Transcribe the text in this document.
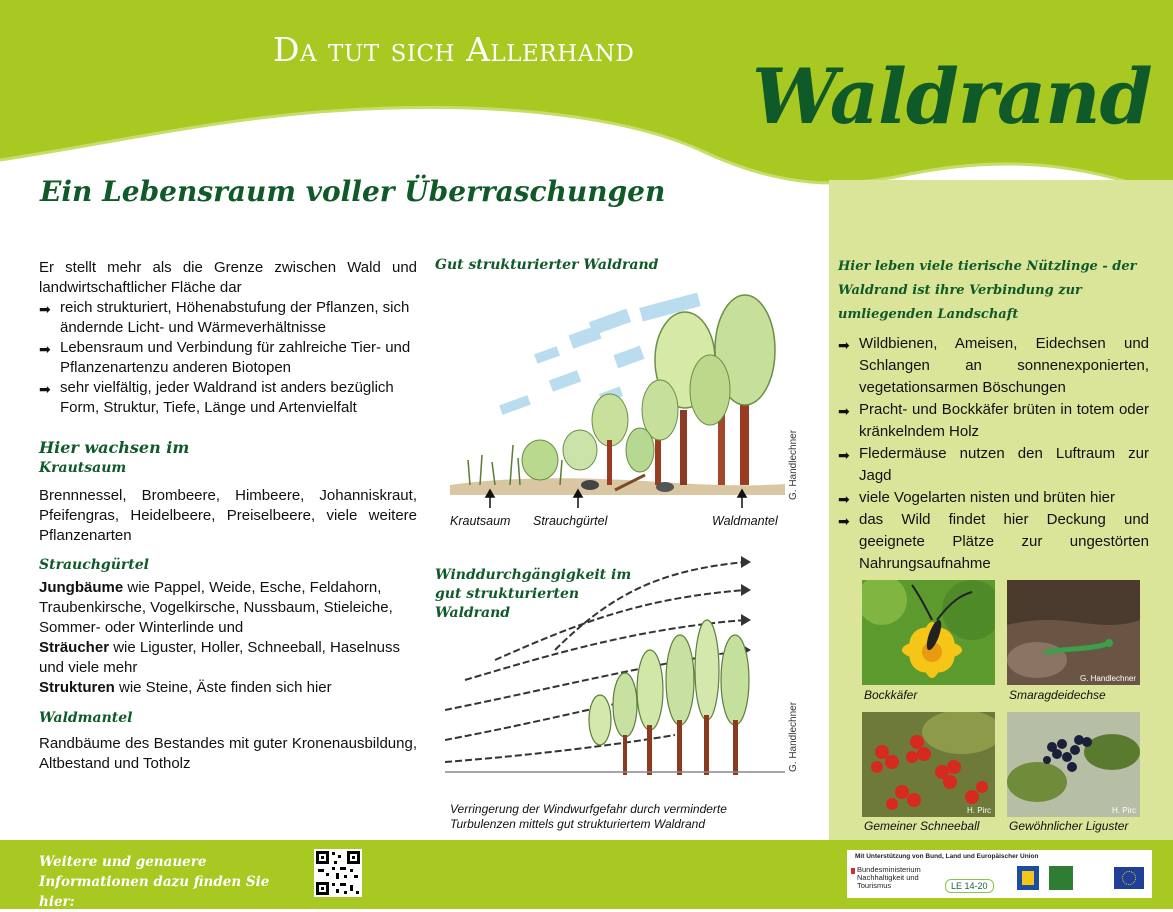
Da tut sich Allerhand
Waldrand
Ein Lebensraum voller Überraschungen

Er stellt mehr als die Grenze zwischen Wald und landwirtschaftlicher Fläche dar

➡ reich strukturiert, Höhenabstufung der Pflanzen, sich ändernde Licht- und Wärmeverhältnisse
➡ Lebensraum und Verbindung für zahlreiche Tier- und Pflanzenartenzu anderen Biotopen
➡ sehr vielfältig, jeder Waldrand ist anders bezüglich Form, Struktur, Tiefe, Länge und Artenvielfalt
Hier wachsen im
Krautsaum

Brennnessel, Brombeere, Himbeere, Johanniskraut, Pfeifengras, Heidelbeere, Preiselbeere, viele weitere Pflanzenarten

Strauchgürtel
Jungbäume wie Pappel, Weide, Esche, Feldahorn, Traubenkirsche, Vogelkirsche, Nussbaum, Stieleiche, Sommer- oder Winterlinde und
Sträucher wie Liguster, Holler, Schneeball, Haselnuss und viele mehr
Strukturen wie Steine, Äste finden sich hier
Waldmantel

Randbäume des Bestandes mit guter Kronenausbildung, Altbestand und Totholz

Gut strukturierter Waldrand
Krautsaum Strauchgürtel	Waldmantel
G. Handlechner
Winddurchgängigkeit im gut strukturierten Waldrand
G. Handlechner
Verringerung der Windwurfgefahr durch verminderte Turbulenzen mittels gut strukturiertem Waldrand
Hier leben viele tierische Nützlinge - der Waldrand ist ihre Verbindung zur umliegenden Landschaft
➡ Wildbienen, Ameisen, Eidechsen und Schlangen an sonnenexponierten, vegetationsarmen Böschungen
➡ Pracht- und Bockkäfer brüten in totem oder kränkelndem Holz
➡ Fledermäuse nutzen den Luftraum zur Jagd
➡ viele Vogelarten nisten und brüten hier
➡ das Wild findet hier Deckung und geeignete Plätze zur ungestörten Nahrungsaufnahme
Bockkäfer
G. Handlechner
Smaragdeidechse
H. Pirc
Gemeiner Schneeball
H. Pirc
Gewöhnlicher Liguster
Weitere und genauere Informationen dazu finden Sie hier:
Mit Unterstützung von Bund, Land und Europäischer Union
Bundesministerium Nachhaltigkeit und Tourismus	LE 14-20
